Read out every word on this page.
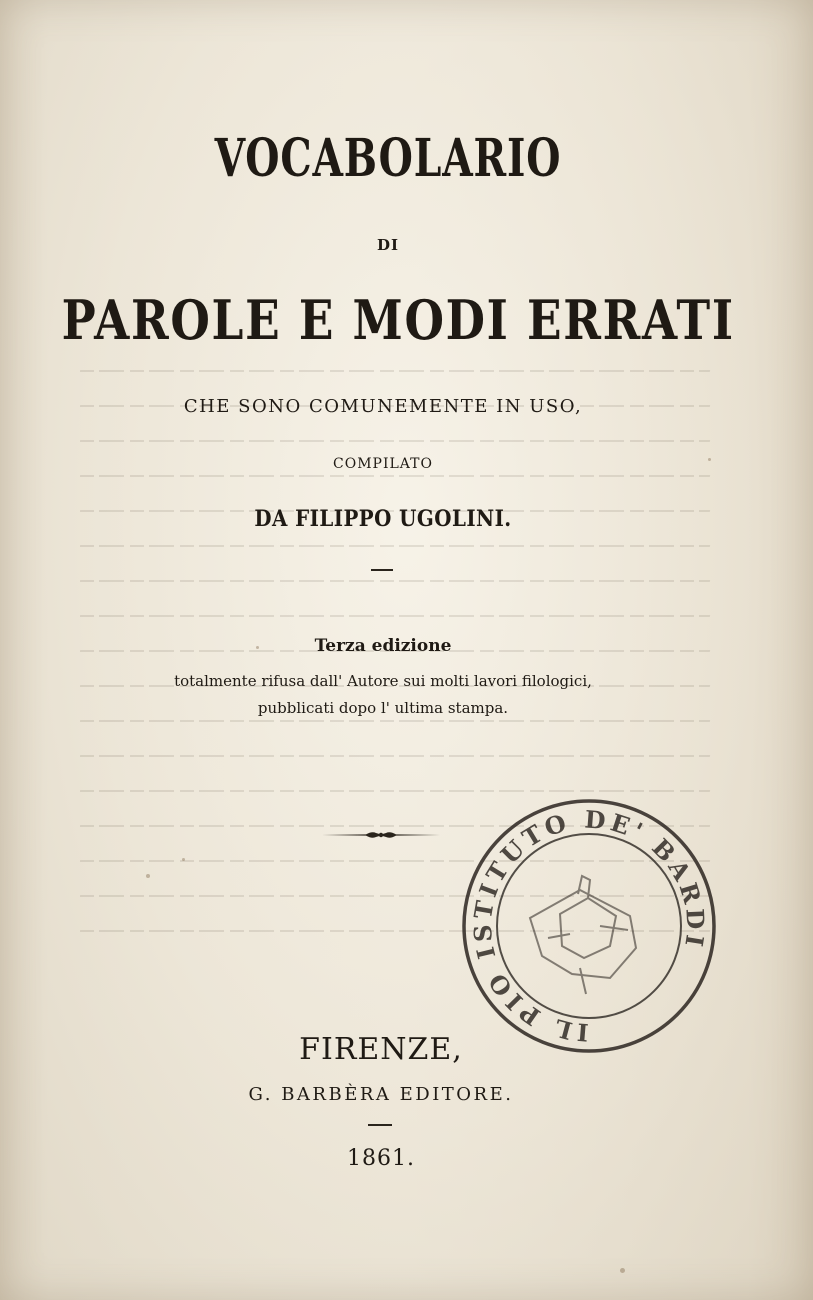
VOCABOLARIO
DI
PAROLE E MODI ERRATI
CHE SONO COMUNEMENTE IN USO,
COMPILATO
DA FILIPPO UGOLINI.
Terza edizione
totalmente rifusa dall' Autore sui molti lavori filologici,
pubblicati dopo l' ultima stampa.
FIRENZE,
G. BARBÈRA EDITORE.
1861.
IL PIO ISTITUTO DE' BARDI
